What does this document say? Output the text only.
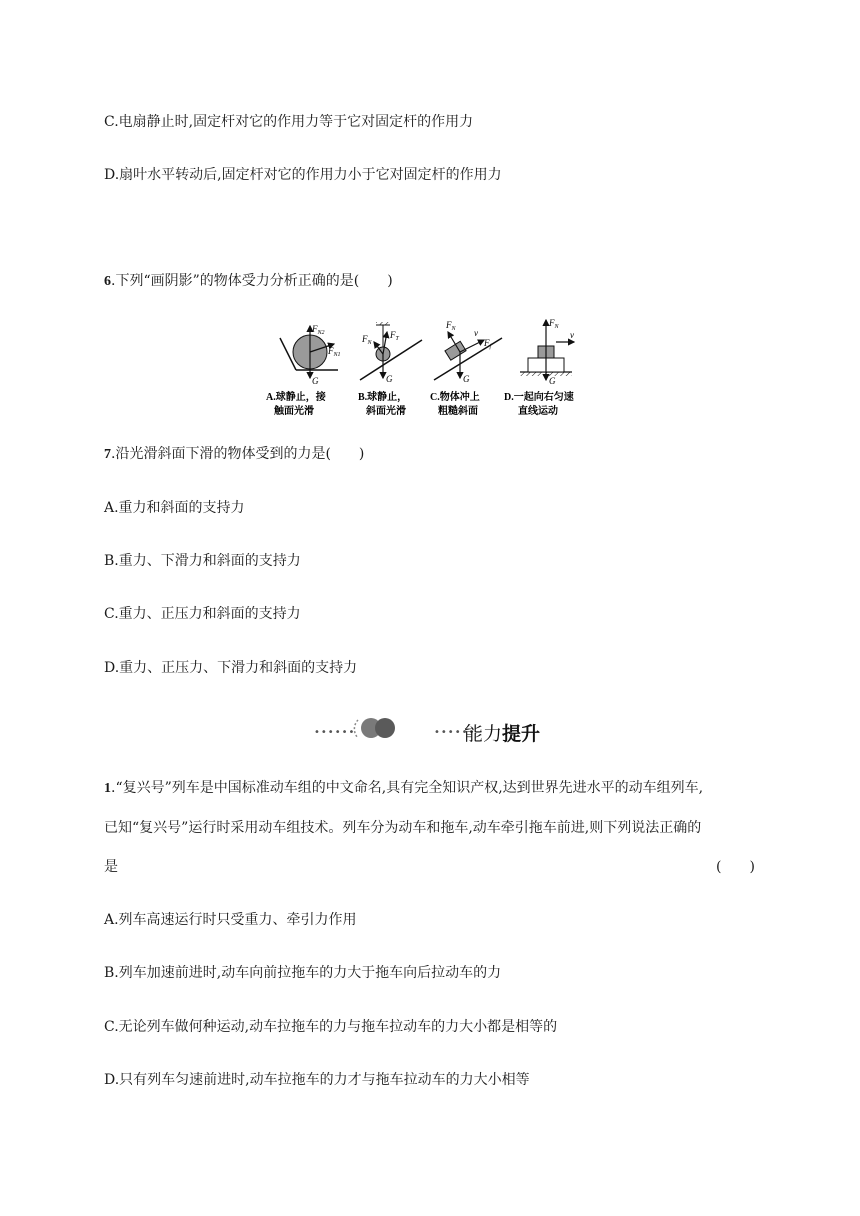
C.电扇静止时,固定杆对它的作用力等于它对固定杆的作用力
D.扇叶水平转动后,固定杆对它的作用力小于它对固定杆的作用力
6.下列“画阴影”的物体受力分析正确的是(　　)
$F_{N2}$
$F_{N1}$
G
A.球静止，接
触面光滑
$F_T$
$F_N$
G
B.球静止，
斜面光滑
$F_N$ v
$F_f$
G
C.物体冲上
粗糙斜面
$F_N$
v
G
D.一起向右匀速
直线运动
7.沿光滑斜面下滑的物体受到的力是(　　)
A.重力和斜面的支持力
B.重力、下滑力和斜面的支持力
C.重力、正压力和斜面的支持力
D.重力、正压力、下滑力和斜面的支持力
••••••	••••••
能力提升
1.“复兴号”列车是中国标准动车组的中文命名,具有完全知识产权,达到世界先进水平的动车组列车,
已知“复兴号”运行时采用动车组技术。列车分为动车和拖车,动车牵引拖车前进,则下列说法正确的
是	(　　)
A.列车高速运行时只受重力、牵引力作用
B.列车加速前进时,动车向前拉拖车的力大于拖车向后拉动车的力
C.无论列车做何种运动,动车拉拖车的力与拖车拉动车的力大小都是相等的
D.只有列车匀速前进时,动车拉拖车的力才与拖车拉动车的力大小相等
